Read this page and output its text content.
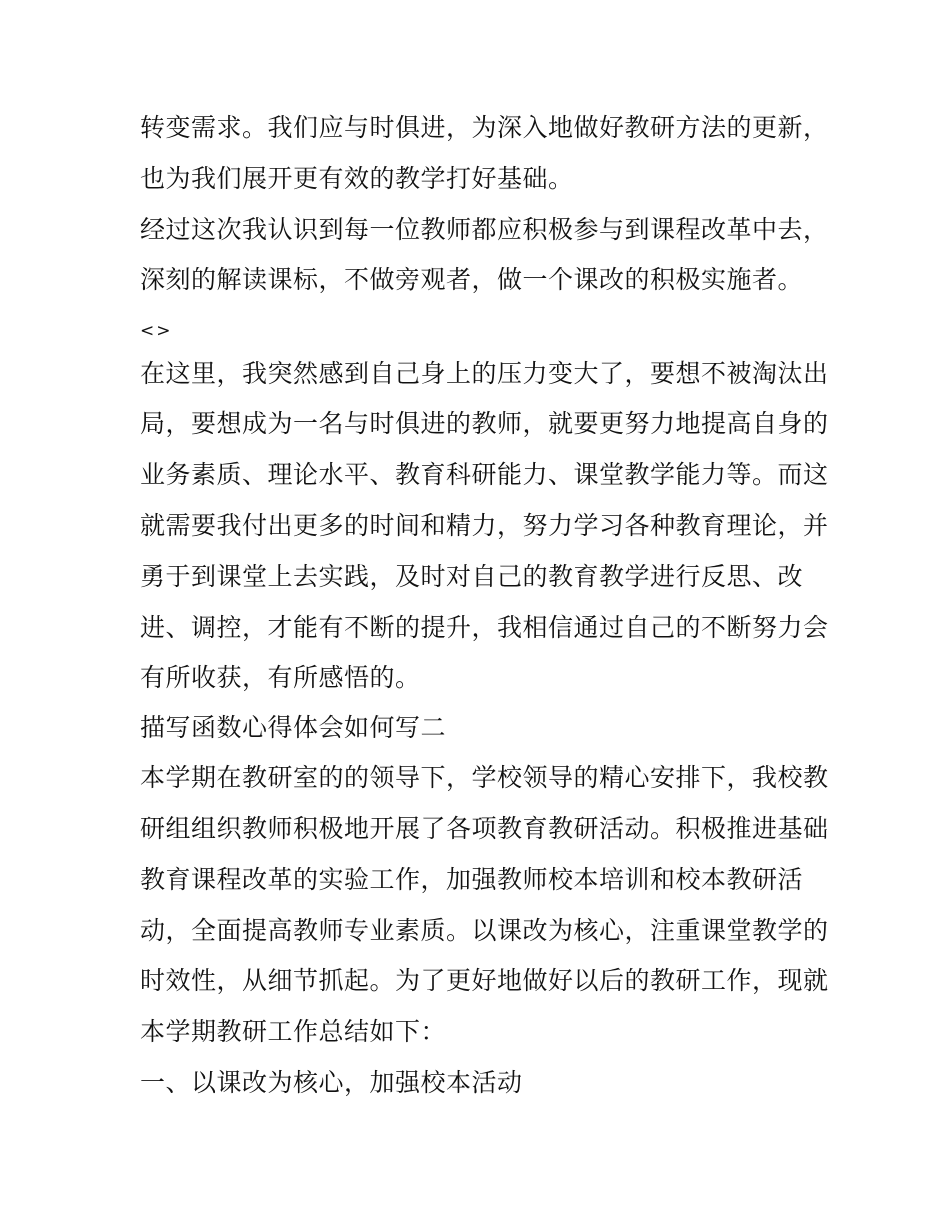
转变需求。我们应与时俱进，为深入地做好教研方法的更新，
也为我们展开更有效的教学打好基础。
经过这次我认识到每一位教师都应积极参与到课程改革中去，
深刻的解读课标，不做旁观者，做一个课改的积极实施者。
<>
在这里，我突然感到自己身上的压力变大了，要想不被淘汰出
局，要想成为一名与时俱进的教师，就要更努力地提高自身的
业务素质、理论水平、教育科研能力、课堂教学能力等。而这
就需要我付出更多的时间和精力，努力学习各种教育理论，并
勇于到课堂上去实践，及时对自己的教育教学进行反思、改
进、调控，才能有不断的提升，我相信通过自己的不断努力会
有所收获，有所感悟的。
描写函数心得体会如何写二
本学期在教研室的的领导下，学校领导的精心安排下，我校教
研组组织教师积极地开展了各项教育教研活动。积极推进基础
教育课程改革的实验工作，加强教师校本培训和校本教研活
动，全面提高教师专业素质。以课改为核心，注重课堂教学的
时效性，从细节抓起。为了更好地做好以后的教研工作，现就
本学期教研工作总结如下：
一、以课改为核心，加强校本活动
